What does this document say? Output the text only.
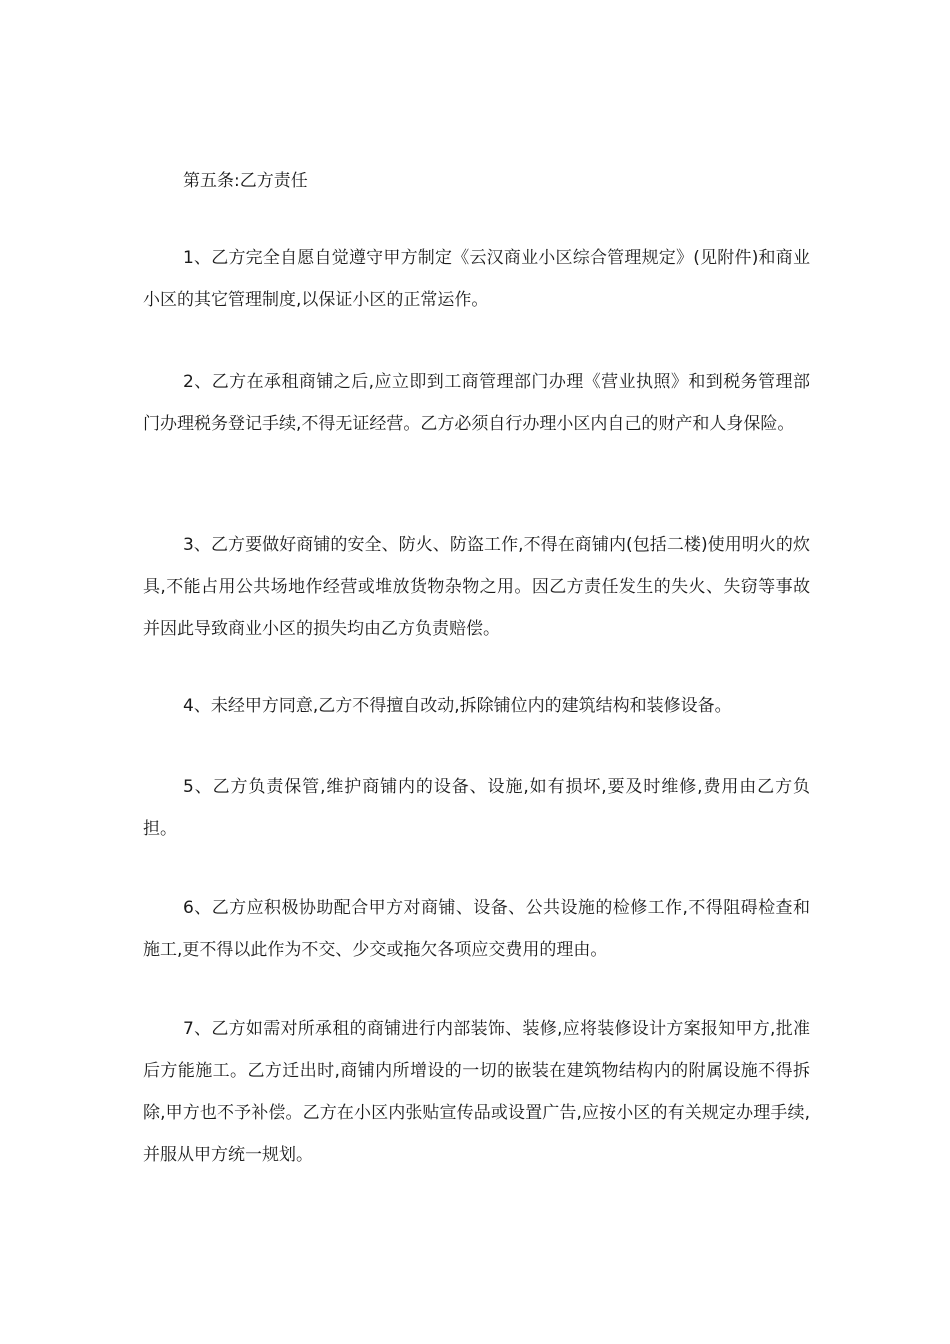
第五条:乙方责任

1、乙方完全自愿自觉遵守甲方制定《云汉商业小区综合管理规定》(见附件)和商业小区的其它管理制度,以保证小区的正常运作。

2、乙方在承租商铺之后,应立即到工商管理部门办理《营业执照》和到税务管理部门办理税务登记手续,不得无证经营。乙方必须自行办理小区内自己的财产和人身保险。

3、乙方要做好商铺的安全、防火、防盗工作,不得在商铺内(包括二楼)使用明火的炊具,不能占用公共场地作经营或堆放货物杂物之用。因乙方责任发生的失火、失窃等事故并因此导致商业小区的损失均由乙方负责赔偿。

4、未经甲方同意,乙方不得擅自改动,拆除铺位内的建筑结构和装修设备。

5、乙方负责保管,维护商铺内的设备、设施,如有损坏,要及时维修,费用由乙方负担。

6、乙方应积极协助配合甲方对商铺、设备、公共设施的检修工作,不得阻碍检查和施工,更不得以此作为不交、少交或拖欠各项应交费用的理由。

7、乙方如需对所承租的商铺进行内部装饰、装修,应将装修设计方案报知甲方,批准后方能施工。乙方迁出时,商铺内所增设的一切的嵌装在建筑物结构内的附属设施不得拆除,甲方也不予补偿。乙方在小区内张贴宣传品或设置广告,应按小区的有关规定办理手续,并服从甲方统一规划。
